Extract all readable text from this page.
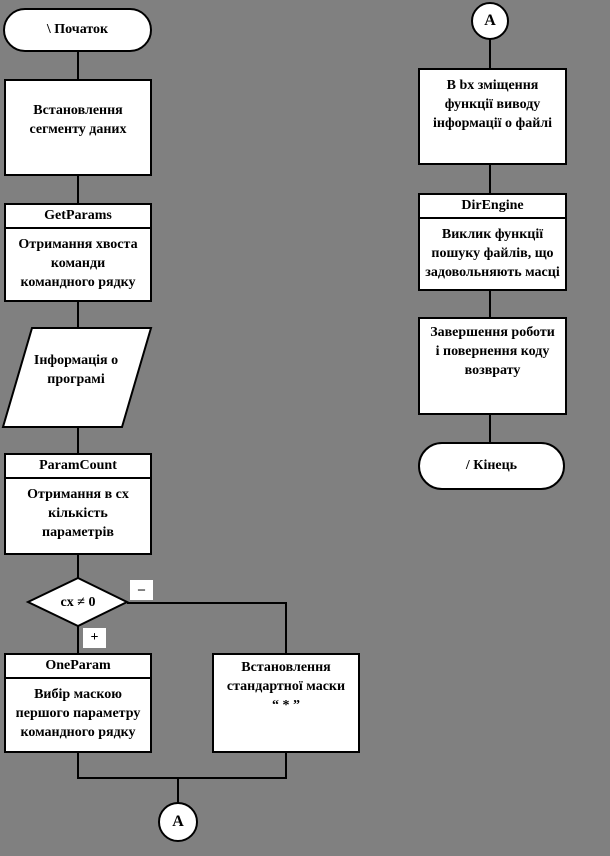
\ Початок
Встановлення
сегменту даних
GetParams
Отримання хвоста
команди
командного рядку
Інформація о
програмі
ParamCount
Отримання в cx
кількість
параметрів
cx ≠ 0
–
+
OneParam
Вибір маскою
першого параметру
командного рядку
Встановлення
стандартної маски
“ * ”
А
А
В bx зміщення
функції виводу
інформації о файлі
DirEngine
Виклик функції
пошуку файлів, що
задовольняють масці
Завершення роботи
і повернення коду
возврату
/ Кінець
